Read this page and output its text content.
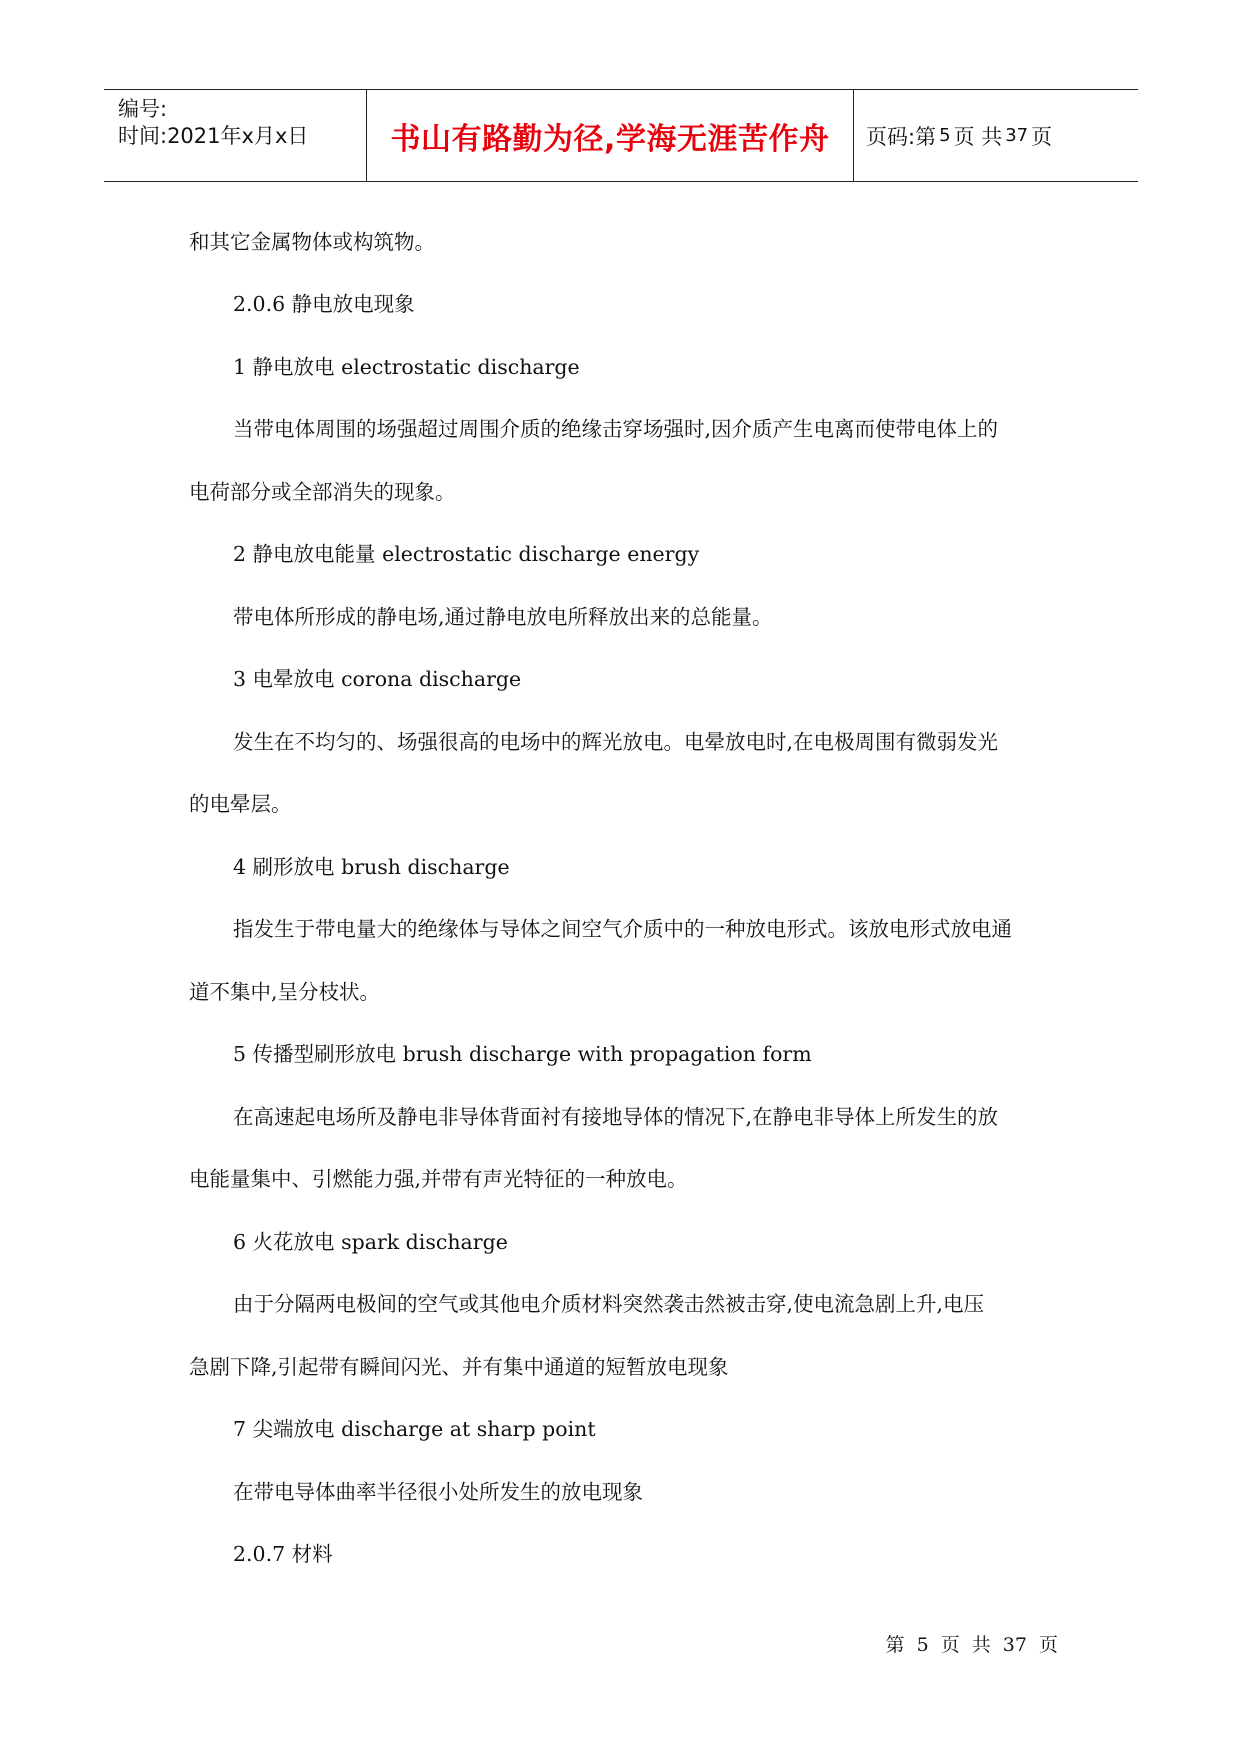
编号:
时间:2021年x月x日	书山有路勤为径,学海无涯苦作舟 页码:第 5 页 共 37 页
和其它金属物体或构筑物。
2.0.6 静电放电现象
1 静电放电 electrostatic discharge
当带电体周围的场强超过周围介质的绝缘击穿场强时,因介质产生电离而使带电体上的
电荷部分或全部消失的现象。
2 静电放电能量 electrostatic discharge energy
带电体所形成的静电场,通过静电放电所释放出来的总能量。
3 电晕放电 corona discharge
发生在不均匀的、场强很高的电场中的辉光放电。电晕放电时,在电极周围有微弱发光
的电晕层。
4 刷形放电 brush discharge
指发生于带电量大的绝缘体与导体之间空气介质中的一种放电形式。该放电形式放电通
道不集中,呈分枝状。
5 传播型刷形放电 brush discharge with propagation form
在高速起电场所及静电非导体背面衬有接地导体的情况下,在静电非导体上所发生的放
电能量集中、引燃能力强,并带有声光特征的一种放电。
6 火花放电 spark discharge
由于分隔两电极间的空气或其他电介质材料突然袭击然被击穿,使电流急剧上升,电压
急剧下降,引起带有瞬间闪光、并有集中通道的短暂放电现象
7 尖端放电 discharge at sharp point
在带电导体曲率半径很小处所发生的放电现象
2.0.7 材料
第 5 页 共 37 页
